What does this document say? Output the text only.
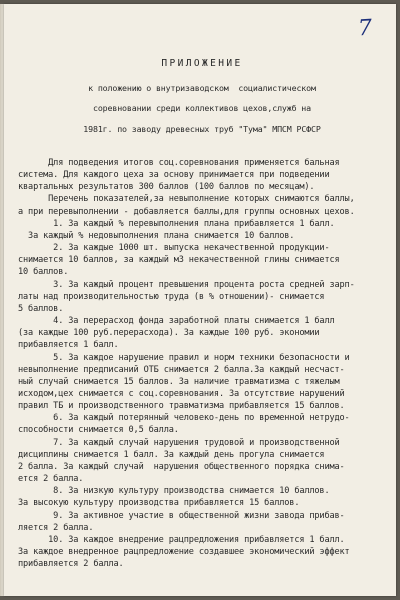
7
ПРИЛОЖЕНИЕ

к положению о внутризаводском  социалистическом

соревновании среди коллективов цехов,служб на

1981г. по заводу древесных труб "Тума" МПСМ РСФСР

Для подведения итогов соц.соревнования применяется бальная
система. Для каждого цеха за основу принимается при подведении
квартальных результатов 300 баллов (100 баллов по месяцам).
Перечень показателей,за невыполнение которых снимаются баллы,
а при перевыполнении - добавляется баллы,для группы основных цехов.
1. За каждый % перевыполнения плана прибавляется 1 балл.
За каждый % недовыполнения плана снимается 10 баллов.
2. За каждые 1000 шт. выпуска некачественной продукции-
снимается 10 баллов, за каждый м3 некачественной глины снимается
10 баллов.
3. За каждый процент превышения процента роста средней зарп-
латы над производительностью труда (в % отношении)- снимается
5 баллов.
4. За перерасход фонда заработной платы снимается 1 балл
(за каждые 100 руб.перерасхода). За каждые 100 руб. экономии
прибавляется 1 балл.
5. За каждое нарушение правил и норм техники безопасности и
невыполнение предписаний ОТБ снимается 2 балла.За каждый несчаст-
ный случай снимается 15 баллов. За наличие травматизма с тяжелым
исходом,цех снимается с соц.соревнования. За отсутствие нарушений
правил ТБ и производственного травматизма прибавляется 15 баллов.
6. За каждый потерянный человеко-день по временной нетрудо-
способности снимается 0,5 балла.
7. За каждый случай нарушения трудовой и производственной
дисциплины снимается 1 балл. За каждый день прогула снимается
2 балла. За каждый случай  нарушения общественного порядка снима-
ется 2 балла.
8. За низкую культуру производства снимается 10 баллов.
За высокую культуру производства прибавляется 15 баллов.
9. За активное участие в общественной жизни завода прибав-
ляется 2 балла.
10. За каждое внедрение рацпредложения прибавляется 1 балл.
За каждое внедренное рацпредложение создавшее экономический эффект
прибавляется 2 балла.
